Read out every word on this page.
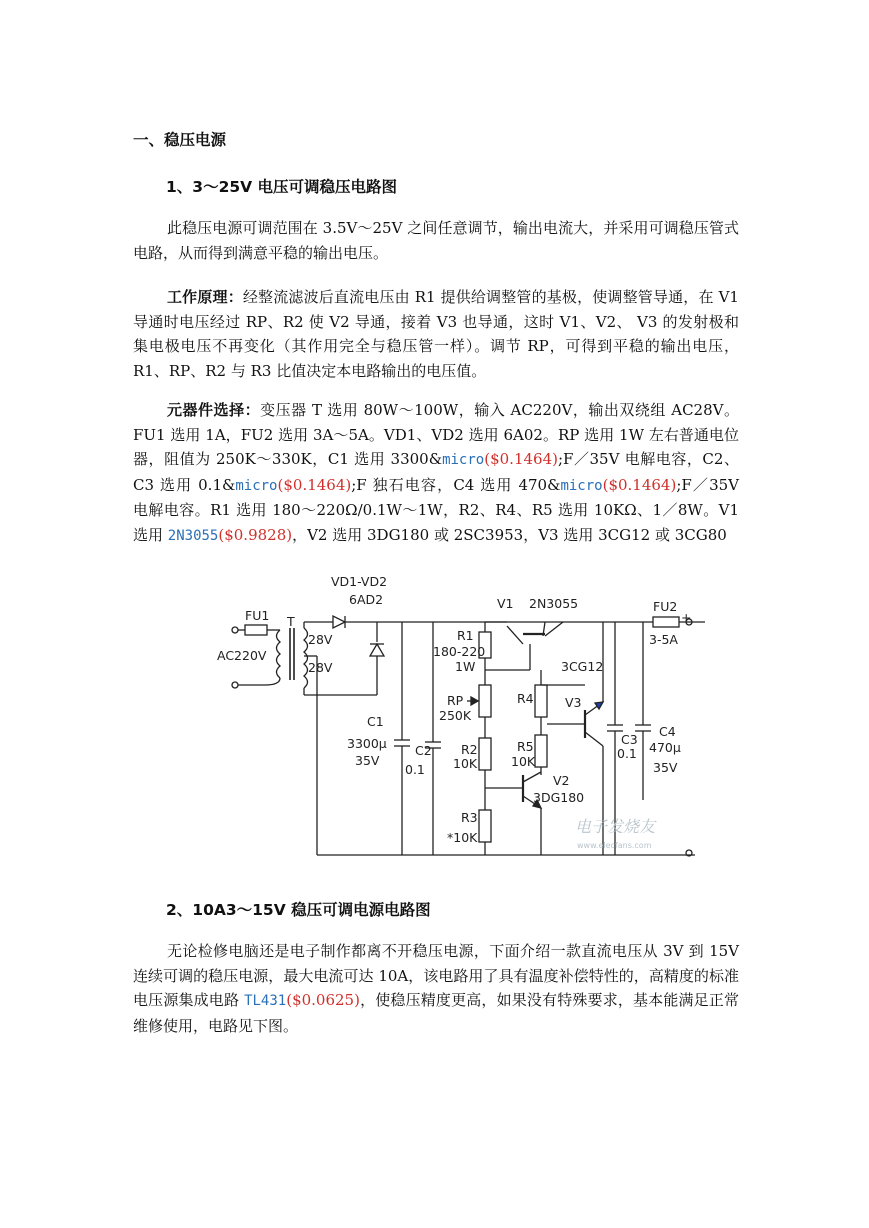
一、稳压电源
1、3～25V 电压可调稳压电路图

此稳压电源可调范围在 3.5V～25V 之间任意调节，输出电流大，并采用可调稳压管式电路，从而得到满意平稳的输出电压。

工作原理：经整流滤波后直流电压由 R1 提供给调整管的基极，使调整管导通，在 V1 导通时电压经过 RP、R2 使 V2 导通，接着 V3 也导通，这时 V1、V2、 V3 的发射极和集电极电压不再变化（其作用完全与稳压管一样）。调节 RP，可得到平稳的输出电压，R1、RP、R2 与 R3 比值决定本电路输出的电压值。

元器件选择：变压器 T 选用 80W～100W，输入 AC220V，输出双绕组 AC28V。FU1 选用 1A，FU2 选用 3A～5A。VD1、VD2 选用 6A02。RP 选用 1W 左右普通电位器，阻值为 250K～330K，C1 选用 3300&micro($0.1464);F／35V 电解电容，C2、C3 选用 0.1&micro($0.1464);F 独石电容，C4 选用 470&micro($0.1464);F／35V 电解电容。R1 选用 180～220Ω/0.1W～1W，R2、R4、R5 选用 10KΩ、1／8W。V1 选用 2N3055($0.9828)，V2 选用 3DG180 或 2SC3953，V3 选用 3CG12 或 3CG80

VD1-VD2
6AD2	V1 2N3055
FU1 T
AC220V
28V
28V
R1
180-220
1W
FU2
+
3-5A
3CG12
R4	V3
RP
250K
C1
3300μ
35V
C2
0.1
R2
10K
R5
10K
V2
3DG180
C3
0.1
C4
470μ
35V
R3
*10K
电子发烧友
www.elecfans.com
2、10A3～15V 稳压可调电源电路图

无论检修电脑还是电子制作都离不开稳压电源，下面介绍一款直流电压从 3V 到 15V 连续可调的稳压电源，最大电流可达 10A，该电路用了具有温度补偿特性的，高精度的标准电压源集成电路 TL431($0.0625)，使稳压精度更高，如果没有特殊要求，基本能满足正常维修使用，电路见下图。
